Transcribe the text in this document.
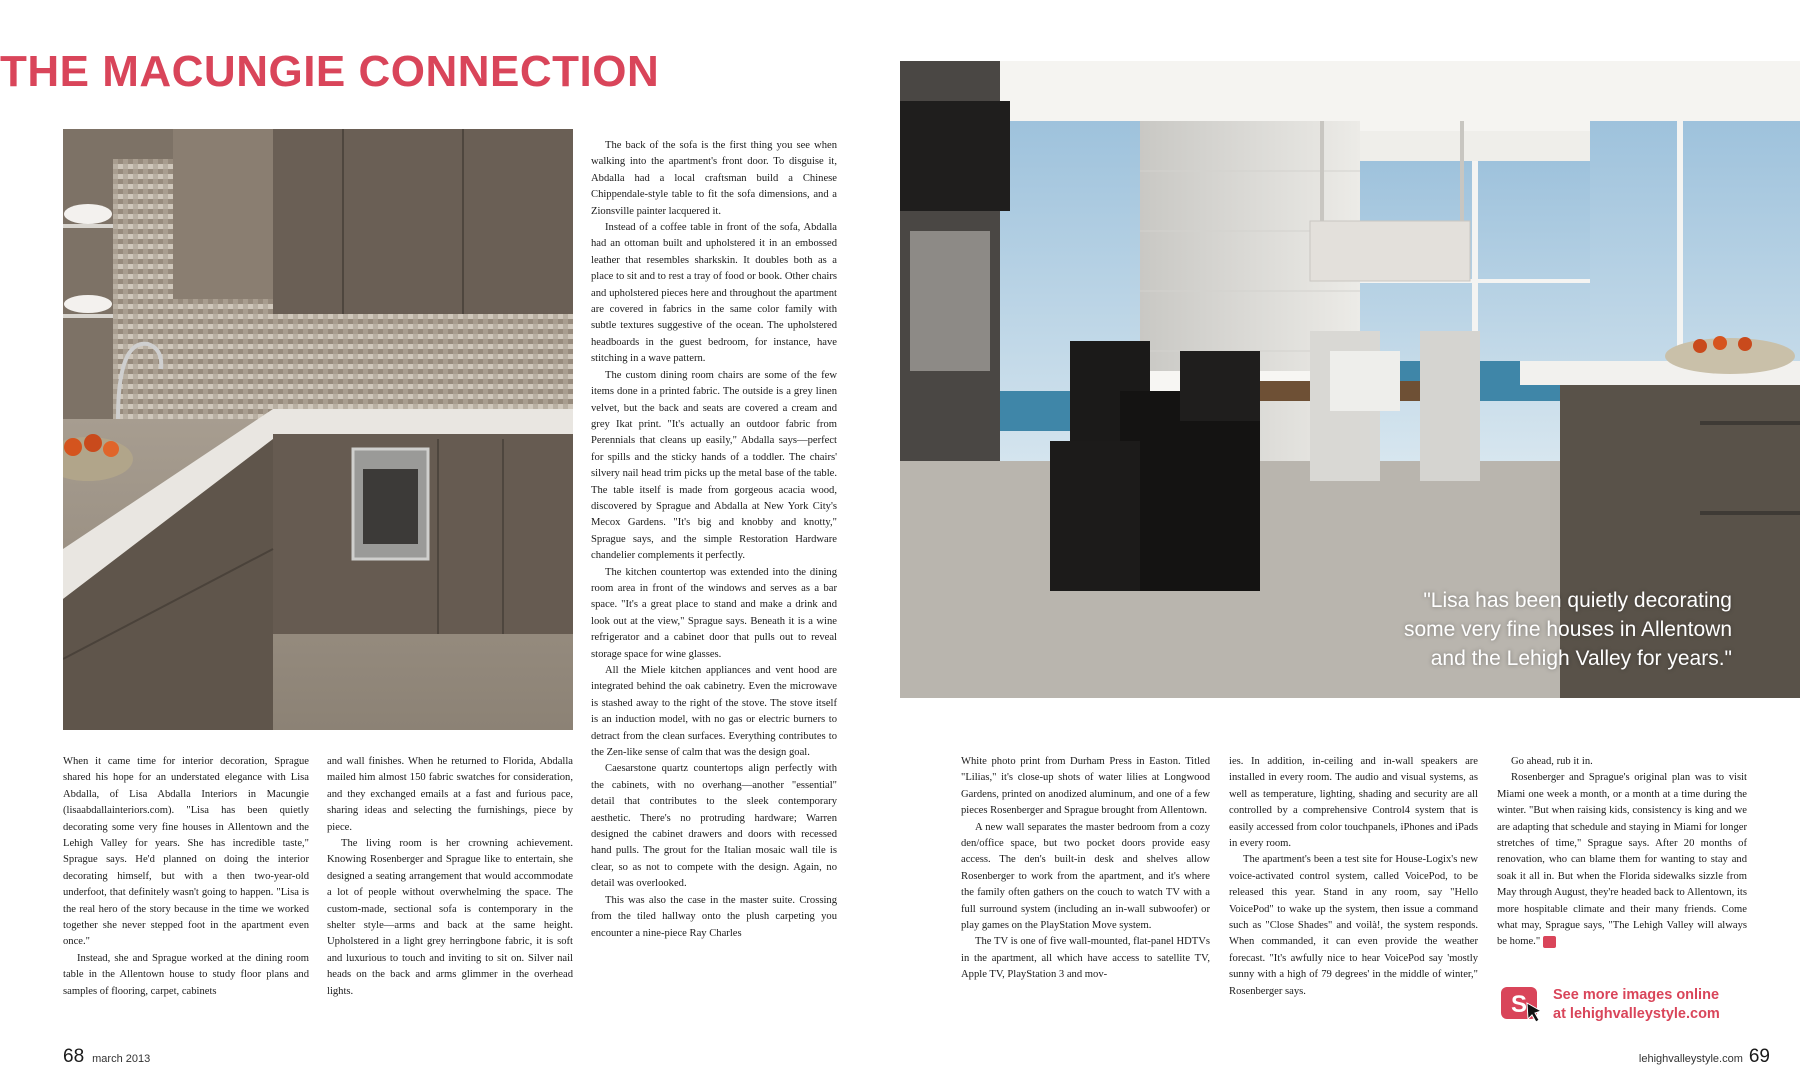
THE MACUNGIE CONNECTION
"Lisa has been quietly decorating some very fine houses in Allentown and the Lehigh Valley for years."

When it came time for interior decoration, Sprague shared his hope for an understated elegance with Lisa Abdalla, of Lisa Abdalla Interiors in Macungie (lisaabdallainteriors.com). "Lisa has been quietly decorating some very fine houses in Allentown and the Lehigh Valley for years. She has incredible taste," Sprague says. He'd planned on doing the interior decorating himself, but with a then two-year-old underfoot, that definitely wasn't going to happen. "Lisa is the real hero of the story because in the time we worked together she never stepped foot in the apartment even once."

Instead, she and Sprague worked at the dining room table in the Allentown house to study floor plans and samples of flooring, carpet, cabinets

and wall finishes. When he returned to Florida, Abdalla mailed him almost 150 fabric swatches for consideration, and they exchanged emails at a fast and furious pace, sharing ideas and selecting the furnishings, piece by piece.

The living room is her crowning achievement. Knowing Rosenberger and Sprague like to entertain, she designed a seating arrangement that would accommodate a lot of people without overwhelming the space. The custom-made, sectional sofa is contemporary in the shelter style—arms and back at the same height. Upholstered in a light grey herringbone fabric, it is soft and luxurious to touch and inviting to sit on. Silver nail heads on the back and arms glimmer in the overhead lights.

The back of the sofa is the first thing you see when walking into the apartment's front door. To disguise it, Abdalla had a local craftsman build a Chinese Chippendale-style table to fit the sofa dimensions, and a Zionsville painter lacquered it.

Instead of a coffee table in front of the sofa, Abdalla had an ottoman built and upholstered it in an embossed leather that resembles sharkskin. It doubles both as a place to sit and to rest a tray of food or book. Other chairs and upholstered pieces here and throughout the apartment are covered in fabrics in the same color family with subtle textures suggestive of the ocean. The upholstered headboards in the guest bedroom, for instance, have stitching in a wave pattern.

The custom dining room chairs are some of the few items done in a printed fabric. The outside is a grey linen velvet, but the back and seats are covered a cream and grey Ikat print. "It's actually an outdoor fabric from Perennials that cleans up easily," Abdalla says—perfect for spills and the sticky hands of a toddler. The chairs' silvery nail head trim picks up the metal base of the table. The table itself is made from gorgeous acacia wood, discovered by Sprague and Abdalla at New York City's Mecox Gardens. "It's big and knobby and knotty," Sprague says, and the simple Restoration Hardware chandelier complements it perfectly.

The kitchen countertop was extended into the dining room area in front of the windows and serves as a bar space. "It's a great place to stand and make a drink and look out at the view," Sprague says. Beneath it is a wine refrigerator and a cabinet door that pulls out to reveal storage space for wine glasses.

All the Miele kitchen appliances and vent hood are integrated behind the oak cabinetry. Even the microwave is stashed away to the right of the stove. The stove itself is an induction model, with no gas or electric burners to detract from the clean surfaces. Everything contributes to the Zen-like sense of calm that was the design goal.

Caesarstone quartz countertops align perfectly with the cabinets, with no overhang—another "essential" detail that contributes to the sleek contemporary aesthetic. There's no protruding hardware; Warren designed the cabinet drawers and doors with recessed hand pulls. The grout for the Italian mosaic wall tile is clear, so as not to compete with the design. Again, no detail was overlooked.

This was also the case in the master suite. Crossing from the tiled hallway onto the plush carpeting you encounter a nine-piece Ray Charles

White photo print from Durham Press in Easton. Titled "Lilias," it's close-up shots of water lilies at Longwood Gardens, printed on anodized aluminum, and one of a few pieces Rosenberger and Sprague brought from Allentown.

A new wall separates the master bedroom from a cozy den/office space, but two pocket doors provide easy access. The den's built-in desk and shelves allow Rosenberger to work from the apartment, and it's where the family often gathers on the couch to watch TV with a full surround system (including an in-wall subwoofer) or play games on the PlayStation Move system.

The TV is one of five wall-mounted, flat-panel HDTVs in the apartment, all which have access to satellite TV, Apple TV, PlayStation 3 and mov-

ies. In addition, in-ceiling and in-wall speakers are installed in every room. The audio and visual systems, as well as temperature, lighting, shading and security are all controlled by a comprehensive Control4 system that is easily accessed from color touchpanels, iPhones and iPads in every room.

The apartment's been a test site for House-Logix's new voice-activated control system, called VoicePod, to be released this year. Stand in any room, say "Hello VoicePod" to wake up the system, then issue a command such as "Close Shades" and voilà!, the system responds. When commanded, it can even provide the weather forecast. "It's awfully nice to hear VoicePod say 'mostly sunny with a high of 79 degrees' in the middle of winter," Rosenberger says.

Go ahead, rub it in.

Rosenberger and Sprague's original plan was to visit Miami one week a month, or a month at a time during the winter. "But when raising kids, consistency is king and we are adapting that schedule and staying in Miami for longer stretches of time," Sprague says. After 20 months of renovation, who can blame them for wanting to stay and soak it all in. But when the Florida sidewalks sizzle from May through August, they're headed back to Allentown, its more hospitable climate and their many friends. Come what may, Sprague says, "The Lehigh Valley will always be home." S

S See more images online
at lehighvalleystyle.com
68 march 2013	lehighvalleystyle.com 69
